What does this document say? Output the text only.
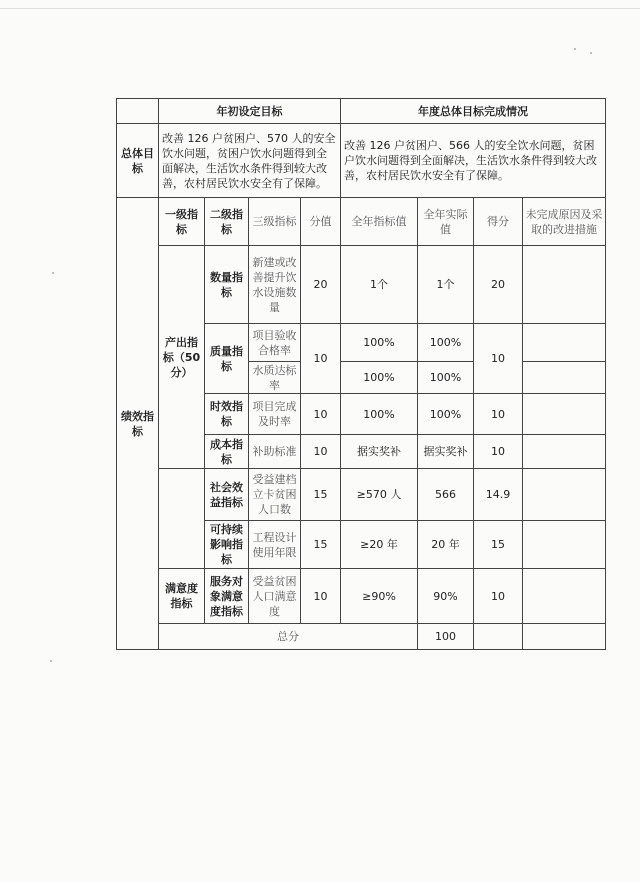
	年初设定目标				年度总体目标完成情况				
总体目标	改善 126 户贫困户、570 人的安全饮水问题，贫困户饮水问题得到全面解决，生活饮水条件得到较大改善，农村居民饮水安全有了保障。				改善 126 户贫困户、566 人的安全饮水问题，贫困户饮水问题得到全面解决，生活饮水条件得到较大改善，农村居民饮水安全有了保障。				
绩效指标	一级指标	二级指标	三级指标	分值	全年指标值	全年实际值	得分	未完成原因及采取的改进措施	
	产出指标（50分）	数量指标	新建或改善提升饮水设施数量	20	1个	1个	20		
		质量指标	项目验收合格率	10	100%	100%	10		
			水质达标率		100%	100%			
		时效指标	项目完成及时率	10	100%	100%	10		
		成本指标	补助标准	10	据实奖补	据实奖补	10		

		社会效益指标	受益建档立卡贫困人口数	15	≥570 人	566	14.9		
		可持续影响指标	工程设计使用年限	15	≥20 年	20 年	15		
	满意度指标	服务对象满意度指标	受益贫困人口满意度	10	≥90%	90%	10		

	总分					100				
